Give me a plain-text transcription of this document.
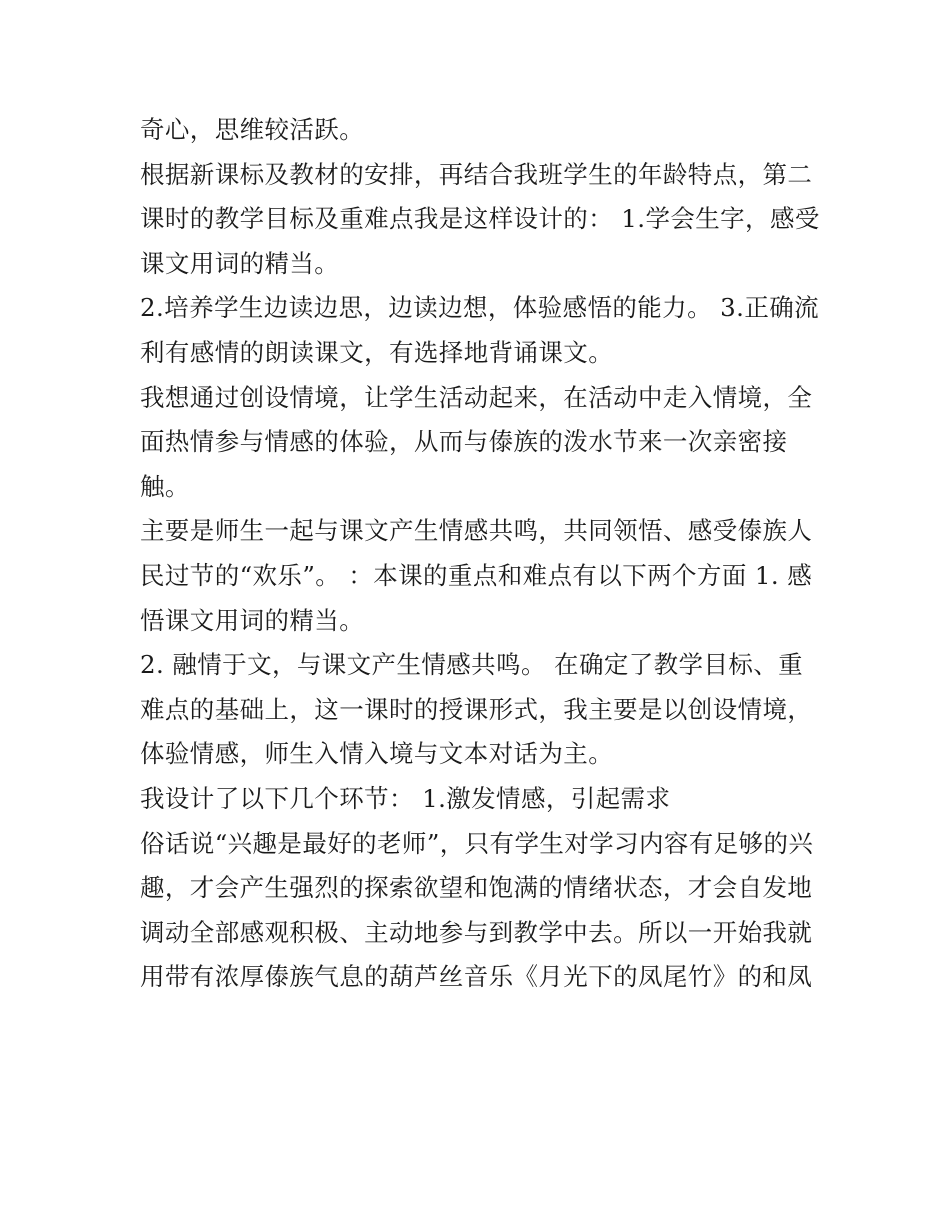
奇心，思维较活跃。
根据新课标及教材的安排，再结合我班学生的年龄特点，第二
课时的教学目标及重难点我是这样设计的： 1.学会生字，感受
课文用词的精当。
2.培养学生边读边思，边读边想，体验感悟的能力。 3.正确流
利有感情的朗读课文，有选择地背诵课文。
我想通过创设情境，让学生活动起来，在活动中走入情境，全
面热情参与情感的体验，从而与傣族的泼水节来一次亲密接
触。
主要是师生一起与课文产生情感共鸣，共同领悟、感受傣族人
民过节的“欢乐”。 ：本课的重点和难点有以下两个方面 1. 感
悟课文用词的精当。
2. 融情于文，与课文产生情感共鸣。 在确定了教学目标、重
难点的基础上，这一课时的授课形式，我主要是以创设情境，
体验情感，师生入情入境与文本对话为主。
我设计了以下几个环节： 1.激发情感，引起需求
俗话说“兴趣是最好的老师”，只有学生对学习内容有足够的兴
趣，才会产生强烈的探索欲望和饱满的情绪状态，才会自发地
调动全部感观积极、主动地参与到教学中去。所以一开始我就
用带有浓厚傣族气息的葫芦丝音乐《月光下的凤尾竹》的和凤
